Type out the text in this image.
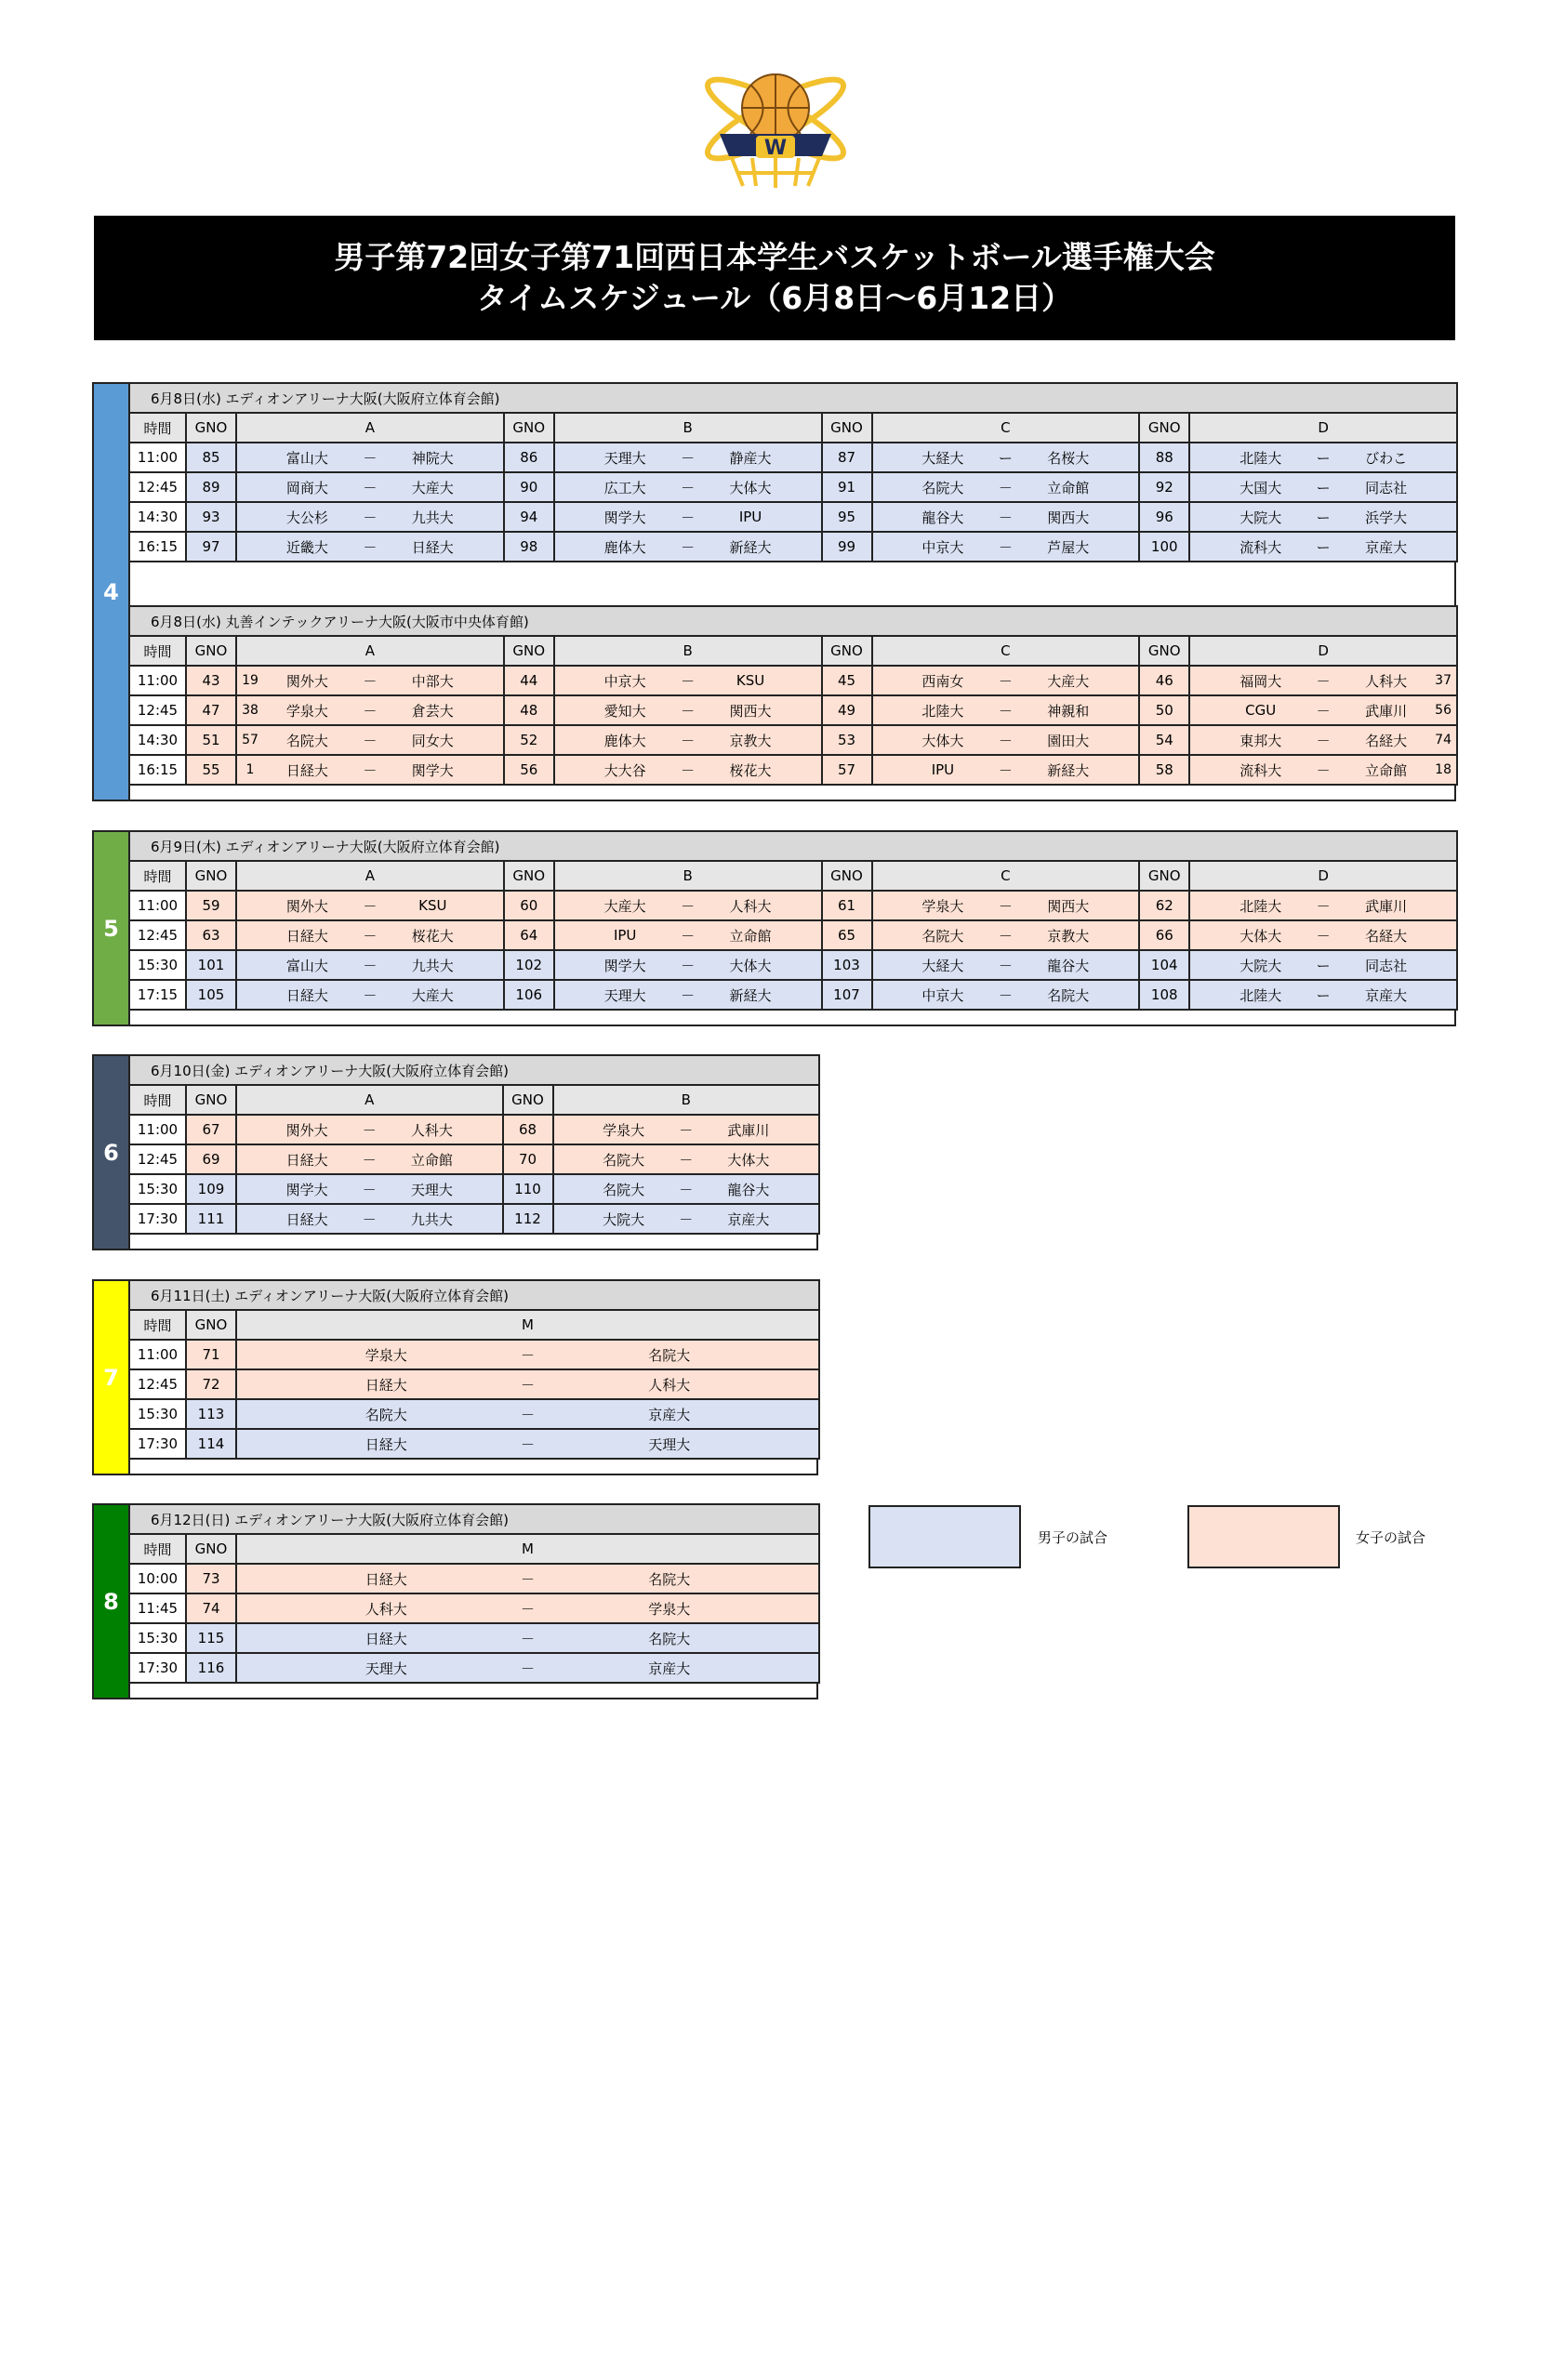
W
男子第72回女子第71回西日本学生バスケットボール選手権大会
タイムスケジュール（6月8日～6月12日）
4
6月8日(水) エディオンアリーナ大阪(大阪府立体育会館)								
時間	GNO	A	GNO	B	GNO	C	GNO	D
11:00	85	富山大 － 神院大	86	天理大 － 静産大	87	大経大 ー 名桜大	88	北陸大 ー びわこ

12:45	89	岡商大 － 大産大	90	広工大 － 大体大	91	名院大 － 立命館	92	大国大 ー 同志社

14:30	93	大公杉 － 九共大	94	関学大 － IPU	95	龍谷大 － 関西大	96	大院大 ー 浜学大

16:15	97	近畿大 － 日経大	98	鹿体大 － 新経大	99	中京大 － 芦屋大	100	流科大 ー 京産大
6月8日(水) 丸善インテックアリーナ大阪(大阪市中央体育館)								
時間	GNO	A	GNO	B	GNO	C	GNO	D
11:00	43	19 関外大 － 中部大	44	中京大 － KSU	45	西南女 － 大産大	46	福岡大 － 人科大 37

12:45	47	38 学泉大 － 倉芸大	48	愛知大 － 関西大	49	北陸大 － 神親和	50	CGU － 武庫川 56

14:30	51	57 名院大 － 同女大	52	鹿体大 － 京教大	53	大体大 － 園田大	54	東邦大 － 名経大 74

16:15	55	1 日経大 － 関学大	56	大大谷 － 桜花大	57	IPU － 新経大	58	流科大 － 立命館 18
5
6月9日(木) エディオンアリーナ大阪(大阪府立体育会館)								
時間	GNO	A	GNO	B	GNO	C	GNO	D
11:00	59	関外大 － KSU	60	大産大 － 人科大	61	学泉大 － 関西大	62	北陸大 － 武庫川

12:45	63	日経大 － 桜花大	64	IPU － 立命館	65	名院大 － 京教大	66	大体大 － 名経大

15:30	101	富山大 － 九共大	102	関学大 － 大体大	103	大経大 － 龍谷大	104	大院大 ー 同志社

17:15	105	日経大 － 大産大	106	天理大 － 新経大	107	中京大 － 名院大	108	北陸大 ー 京産大
6
6月10日(金) エディオンアリーナ大阪(大阪府立体育会館)				
時間	GNO	A	GNO	B
11:00	67	関外大 － 人科大	68	学泉大 － 武庫川

12:45	69	日経大 － 立命館	70	名院大 － 大体大

15:30	109	関学大 － 天理大	110	名院大 － 龍谷大

17:30	111	日経大 － 九共大	112	大院大 － 京産大
7
6月11日(土) エディオンアリーナ大阪(大阪府立体育会館)		
時間	GNO	M
11:00	71	学泉大 － 名院大

12:45	72	日経大 － 人科大

15:30	113	名院大 － 京産大

17:30	114	日経大 － 天理大
8
6月12日(日) エディオンアリーナ大阪(大阪府立体育会館)		
時間	GNO	M
10:00	73	日経大 － 名院大

11:45	74	人科大 － 学泉大

15:30	115	日経大 － 名院大

17:30	116	天理大 － 京産大
男子の試合	女子の試合
